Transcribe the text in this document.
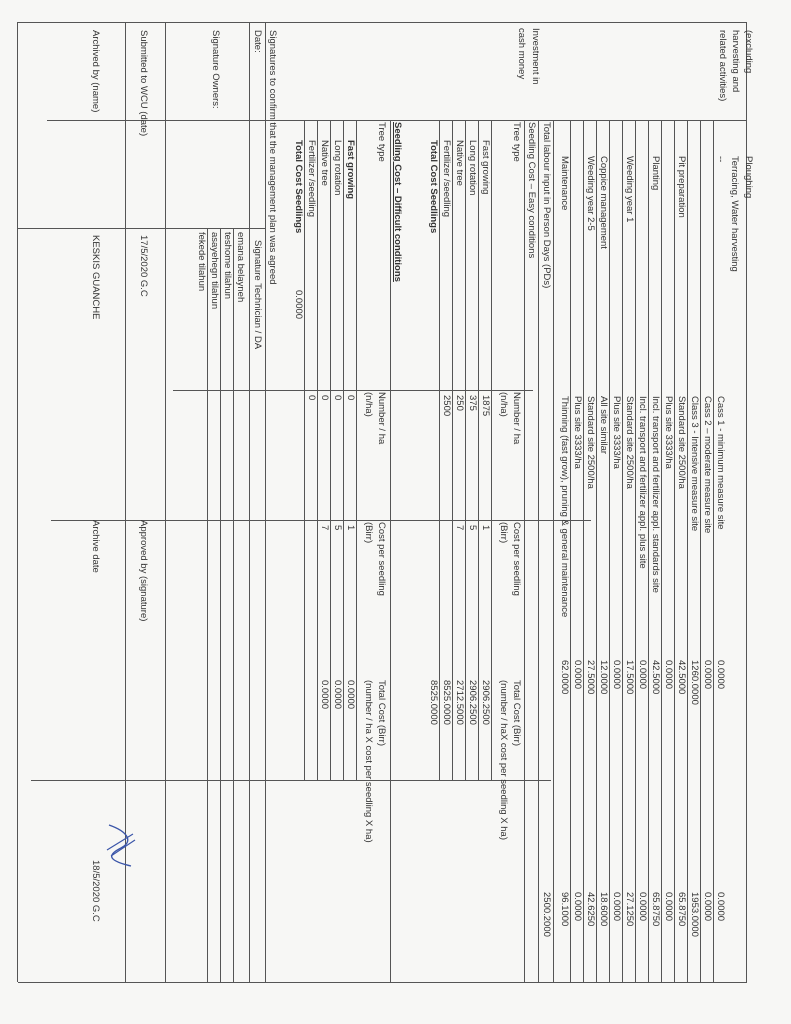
(excluding
harvesting and
related activities)
Ploughing
Terracing, Water harvesting
--
Cass 1 - minimum measure site
0.0000
0.0000
Cass 2 – moderate measure site
0.0000
0.0000
Class 3 - Intensive measure site
1260.0000
1953.0000
Pit preparation
Standard site 2500/ha
42.5000
65.8750
Plus site 3333/ha
0.0000
0.0000
Planting
Incl. transport and fertilizer appl. standards site
42.5000
65.8750
Incl. transport and fertilizer appl. plus site
0.0000
0.0000
Weeding year 1
Standard site 2500/ha
17.5000
27.1250
Plus site 3333/ha
0.0000
0.0000
Coppice management
All site similar
12.0000
18.6000
Weeding year 2-5
Standard site 2500/ha
27.5000
42.6250
Plus site 3333/ha
0.0000
0.0000
Maintenance
Thinning (fast grow), pruning & general maintenance
62.0000
96.1000
Total labour input in Person Days (PDs)
2500.2000
Investment in
cash money
Seedling Cost – Easy conditions
Tree type
Number / ha
(n/ha)
Cost per seedling
(Birr)
Total Cost (Birr)
(number / haX cost per seedling X ha)
Fast growing
1875
1
2906.2500
Long rotation
375
5
2906.2500
Native tree
250
7
2712.5000
Fertilizer /seedling
2500
8525.0000
Total Cost Seedlings
8525.0000
Seedling Cost – Difficult conditions
Tree type
Number / ha
(n/ha)
Cost per seedling
(Birr)
Total Cost (Birr)
(number / ha X cost per seedling X ha)
Fast growing
0
1
0.0000
Long rotation
0
5
0.0000
Native tree
0
7
0.0000
Fertilizer /seedling
0
Total Cost Seedlings
0.0000
Signatures to confirm that the management plan was agreed
Date:
Signature Technician / DA
Signature Owners:
emana belayneh
teshome tilahun
asayehegn tilahun
fekede tilahun
Submitted to WCU (date)
17/5/2020 G.C
Approved by (signature)
Archived by (name)
KESKIS GUANCHE
Archive date
18/5/2020 G.C
